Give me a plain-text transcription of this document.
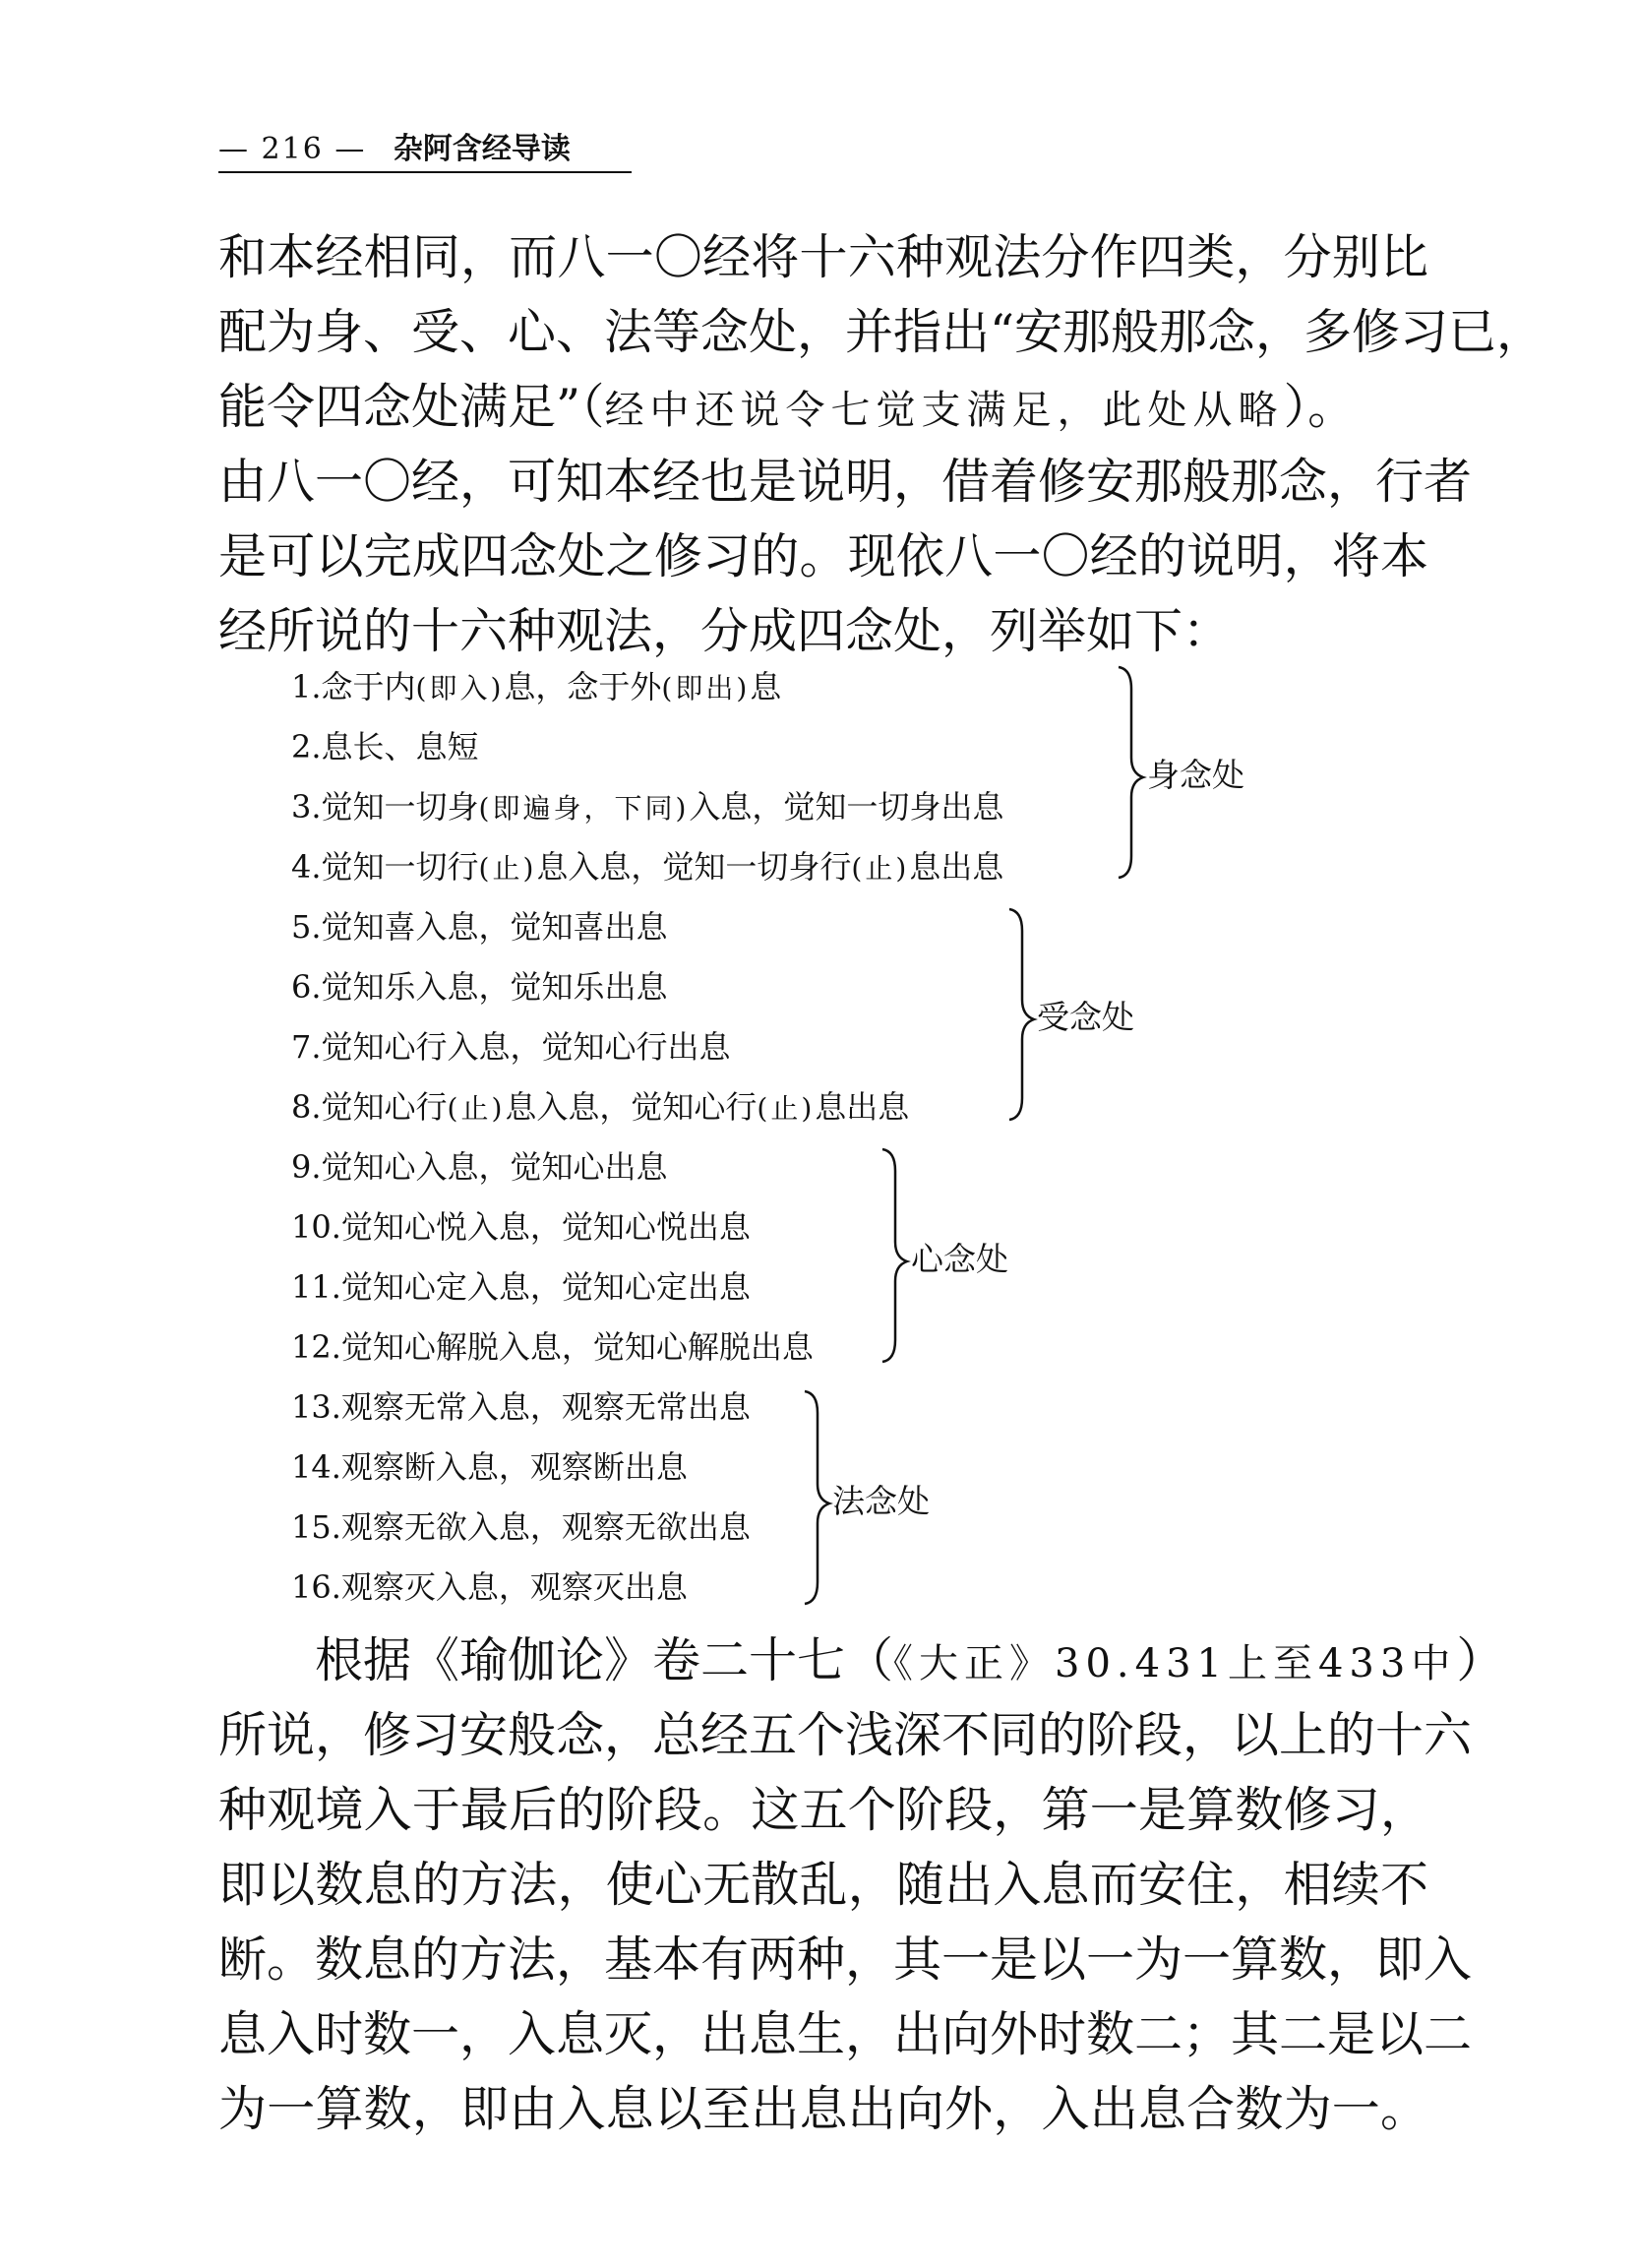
— 216 — 杂阿含经导读
和本经相同，而八一〇经将十六种观法分作四类，分别比
配为身、受、心、法等念处，并指出“安那般那念，多修习已，
能令四念处满足”（经中还说令七觉支满足，此处从略）。
由八一〇经，可知本经也是说明，借着修安那般那念，行者
是可以完成四念处之修习的。现依八一〇经的说明，将本
经所说的十六种观法，分成四念处，列举如下：
1.念于内(即入)息，念于外(即出)息
2.息长、息短
3.觉知一切身(即遍身，下同)入息，觉知一切身出息
4.觉知一切行(止)息入息，觉知一切身行(止)息出息
5.觉知喜入息，觉知喜出息
6.觉知乐入息，觉知乐出息
7.觉知心行入息，觉知心行出息
8.觉知心行(止)息入息，觉知心行(止)息出息
9.觉知心入息，觉知心出息
10.觉知心悦入息，觉知心悦出息
11.觉知心定入息，觉知心定出息
12.觉知心解脱入息，觉知心解脱出息
13.观察无常入息，观察无常出息
14.观察断入息，观察断出息
15.观察无欲入息，观察无欲出息
16.观察灭入息，观察灭出息
身念处
受念处
心念处
法念处
根据《瑜伽论》卷二十七（《大正》30.431上至433中）
所说，修习安般念，总经五个浅深不同的阶段，以上的十六
种观境入于最后的阶段。这五个阶段，第一是算数修习，
即以数息的方法，使心无散乱，随出入息而安住，相续不
断。数息的方法，基本有两种，其一是以一为一算数，即入
息入时数一，入息灭，出息生，出向外时数二；其二是以二
为一算数，即由入息以至出息出向外，入出息合数为一。
